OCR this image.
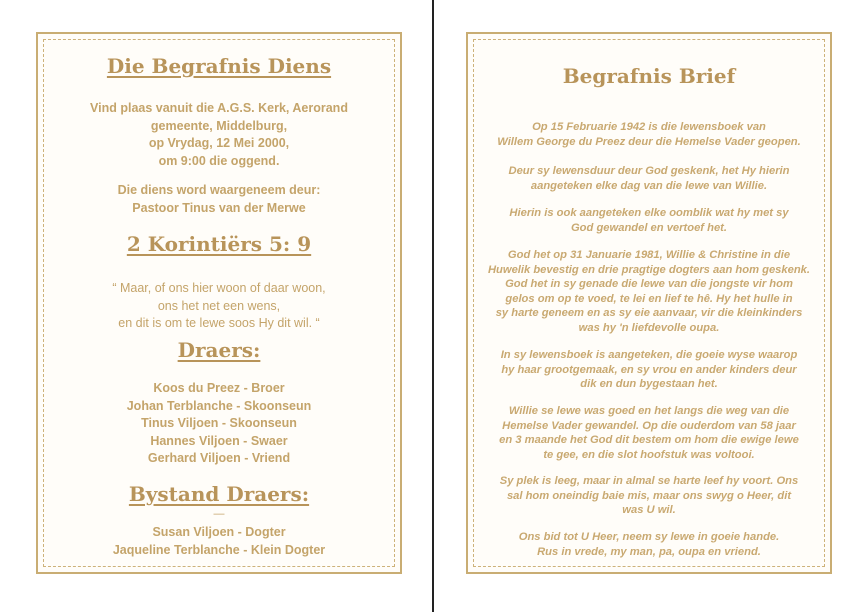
Die Begrafnis Diens
Vind plaas vanuit die A.G.S. Kerk, Aerorand
gemeente, Middelburg,
op Vrydag, 12 Mei 2000,
om 9:00 die oggend.
Die diens word waargeneem deur:
Pastoor Tinus van der Merwe
2 Korintiërs 5: 9
“ Maar, of ons hier woon of daar woon,
ons het net een wens,
en dit is om te lewe soos Hy dit wil. “
Draers:
Koos du Preez - Broer
Johan Terblanche - Skoonseun
Tinus Viljoen - Skoonseun
Hannes Viljoen - Swaer
Gerhard Viljoen - Vriend
Bystand Draers:
—
Susan Viljoen - Dogter
Jaqueline Terblanche - Klein Dogter
Begrafnis Brief
Op 15 Februarie 1942 is die lewensboek van
Willem George du Preez deur die Hemelse Vader geopen.
Deur sy lewensduur deur God geskenk, het Hy hierin
aangeteken elke dag van die lewe van Willie.
Hierin is ook aangeteken elke oomblik wat hy met sy
God gewandel en vertoef het.
God het op 31 Januarie 1981, Willie & Christine in die
Huwelik bevestig en drie pragtige dogters aan hom geskenk.
God het in sy genade die lewe van die jongste vir hom
gelos om op te voed, te lei en lief te hê. Hy het hulle in
sy harte geneem en as sy eie aanvaar, vir die kleinkinders
was hy 'n liefdevolle oupa.
In sy lewensboek is aangeteken, die goeie wyse waarop
hy haar grootgemaak, en sy vrou en ander kinders deur
dik en dun bygestaan het.
Willie se lewe was goed en het langs die weg van die
Hemelse Vader gewandel. Op die ouderdom van 58 jaar
en 3 maande het God dit bestem om hom die ewige lewe
te gee, en die slot hoofstuk was voltooi.
Sy plek is leeg, maar in almal se harte leef hy voort. Ons
sal hom oneindig baie mis, maar ons swyg o Heer, dit
was U wil.
Ons bid tot U Heer, neem sy lewe in goeie hande.
Rus in vrede, my man, pa, oupa en vriend.
